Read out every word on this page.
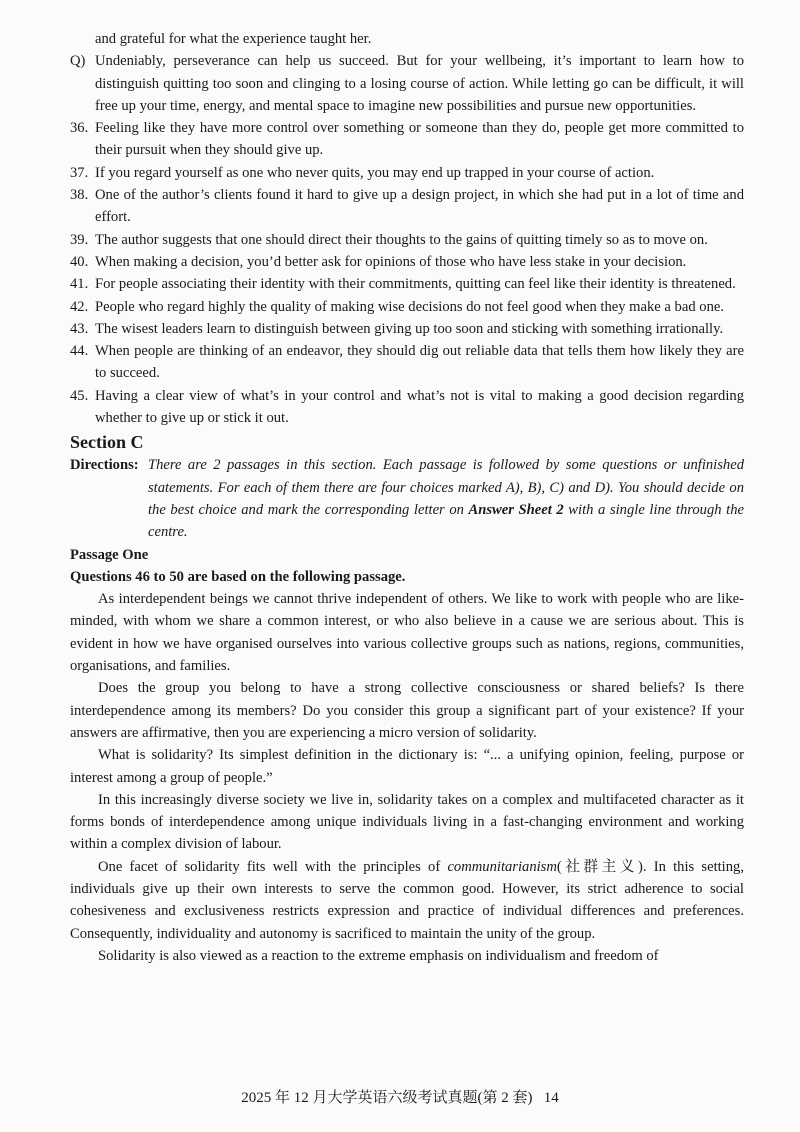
and grateful for what the experience taught her.

Q) Undeniably, perseverance can help us succeed. But for your wellbeing, it’s important to learn how to distinguish quitting too soon and clinging to a losing course of action. While letting go can be difficult, it will free up your time, energy, and mental space to imagine new possibilities and pursue new opportunities.
36. Feeling like they have more control over something or someone than they do, people get more committed to their pursuit when they should give up.
37. If you regard yourself as one who never quits, you may end up trapped in your course of action.
38. One of the author’s clients found it hard to give up a design project, in which she had put in a lot of time and effort.
39. The author suggests that one should direct their thoughts to the gains of quitting timely so as to move on.
40. When making a decision, you’d better ask for opinions of those who have less stake in your decision.
41. For people associating their identity with their commitments, quitting can feel like their identity is threatened.
42. People who regard highly the quality of making wise decisions do not feel good when they make a bad one.
43. The wisest leaders learn to distinguish between giving up too soon and sticking with something irrationally.
44. When people are thinking of an endeavor, they should dig out reliable data that tells them how likely they are to succeed.
45. Having a clear view of what’s in your control and what’s not is vital to making a good decision regarding whether to give up or stick it out.
Section C
Directions: There are 2 passages in this section. Each passage is followed by some questions or unfinished statements. For each of them there are four choices marked A), B), C) and D). You should decide on the best choice and mark the corresponding letter on Answer Sheet 2 with a single line through the centre.

Passage One

Questions 46 to 50 are based on the following passage.

As interdependent beings we cannot thrive independent of others. We like to work with people who are like-minded, with whom we share a common interest, or who also believe in a cause we are serious about. This is evident in how we have organised ourselves into various collective groups such as nations, regions, communities, organisations, and families.

Does the group you belong to have a strong collective consciousness or shared beliefs? Is there interdependence among its members? Do you consider this group a significant part of your existence? If your answers are affirmative, then you are experiencing a micro version of solidarity.

What is solidarity? Its simplest definition in the dictionary is: “... a unifying opinion, feeling, purpose or interest among a group of people.”

In this increasingly diverse society we live in, solidarity takes on a complex and multifaceted character as it forms bonds of interdependence among unique individuals living in a fast-changing environment and working within a complex division of labour.

One facet of solidarity fits well with the principles of communitarianism(社群主义). In this setting, individuals give up their own interests to serve the common good. However, its strict adherence to social cohesiveness and exclusiveness restricts expression and practice of individual differences and preferences. Consequently, individuality and autonomy is sacrificed to maintain the unity of the group.

Solidarity is also viewed as a reaction to the extreme emphasis on individualism and freedom of

2025 年 12 月大学英语六级考试真题(第 2 套) 14
